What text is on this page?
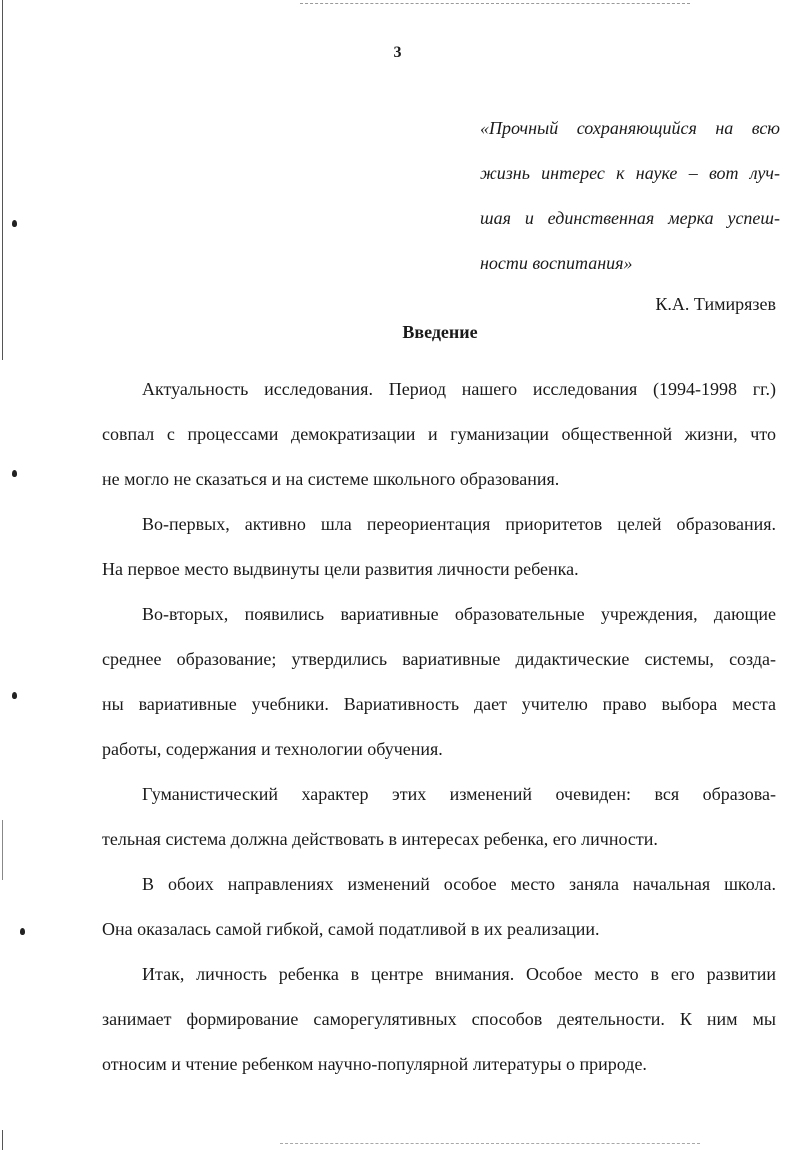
3
«Прочный сохраняющийся на всю
жизнь интерес к науке – вот луч-
шая и единственная мерка успеш-
ности воспитания»
К.А. Тимирязев
Введение
Актуальность исследования. Период нашего исследования (1994-1998 гг.)
совпал с процессами демократизации и гуманизации общественной жизни, что
не могло не сказаться и на системе школьного образования.
Во-первых, активно шла переориентация приоритетов целей образования.
На первое место выдвинуты цели развития личности ребенка.
Во-вторых, появились вариативные образовательные учреждения, дающие
среднее образование; утвердились вариативные дидактические системы, созда-
ны вариативные учебники. Вариативность дает учителю право выбора места
работы, содержания и технологии обучения.
Гуманистический характер этих изменений очевиден: вся образова-
тельная система должна действовать в интересах ребенка, его личности.
В обоих направлениях изменений особое место заняла начальная школа.
Она оказалась самой гибкой, самой податливой в их реализации.
Итак, личность ребенка в центре внимания. Особое место в его развитии
занимает формирование саморегулятивных способов деятельности. К ним мы
относим и чтение ребенком научно-популярной литературы о природе.
